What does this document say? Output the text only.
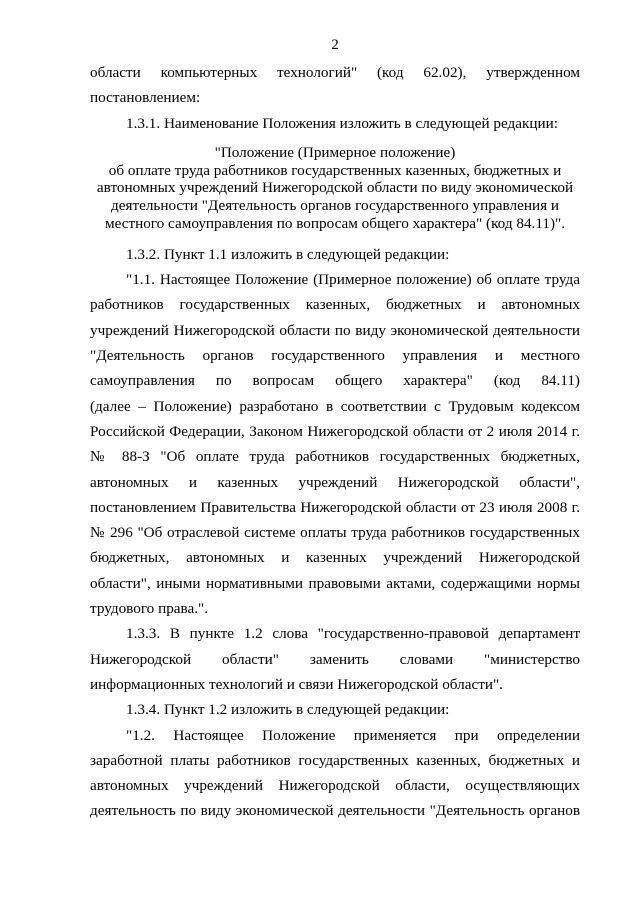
2
области компьютерных технологий" (код 62.02), утвержденном
постановлением:
1.3.1. Наименование Положения изложить в следующей редакции:
"Положение (Примерное положение)
об оплате труда работников государственных казенных, бюджетных и
автономных учреждений Нижегородской области по виду экономической
деятельности "Деятельность органов государственного управления и
местного самоуправления по вопросам общего характера" (код 84.11)".
1.3.2. Пункт 1.1 изложить в следующей редакции:
"1.1. Настоящее Положение (Примерное положение) об оплате труда
работников государственных казенных, бюджетных и автономных
учреждений Нижегородской области по виду экономической деятельности
"Деятельность органов государственного управления и местного
самоуправления по вопросам общего характера" (код 84.11)
(далее – Положение) разработано в соответствии с Трудовым кодексом
Российской Федерации, Законом Нижегородской области от 2 июля 2014 г.
№ 88-З "Об оплате труда работников государственных бюджетных,
автономных и казенных учреждений Нижегородской области",
постановлением Правительства Нижегородской области от 23 июля 2008 г.
№ 296 "Об отраслевой системе оплаты труда работников государственных
бюджетных, автономных и казенных учреждений Нижегородской
области", иными нормативными правовыми актами, содержащими нормы
трудового права.".
1.3.3. В пункте 1.2 слова "государственно-правовой департамент
Нижегородской области" заменить словами "министерство
информационных технологий и связи Нижегородской области".
1.3.4. Пункт 1.2 изложить в следующей редакции:
"1.2. Настоящее Положение применяется при определении
заработной платы работников государственных казенных, бюджетных и
автономных учреждений Нижегородской области, осуществляющих
деятельность по виду экономической деятельности "Деятельность органов
